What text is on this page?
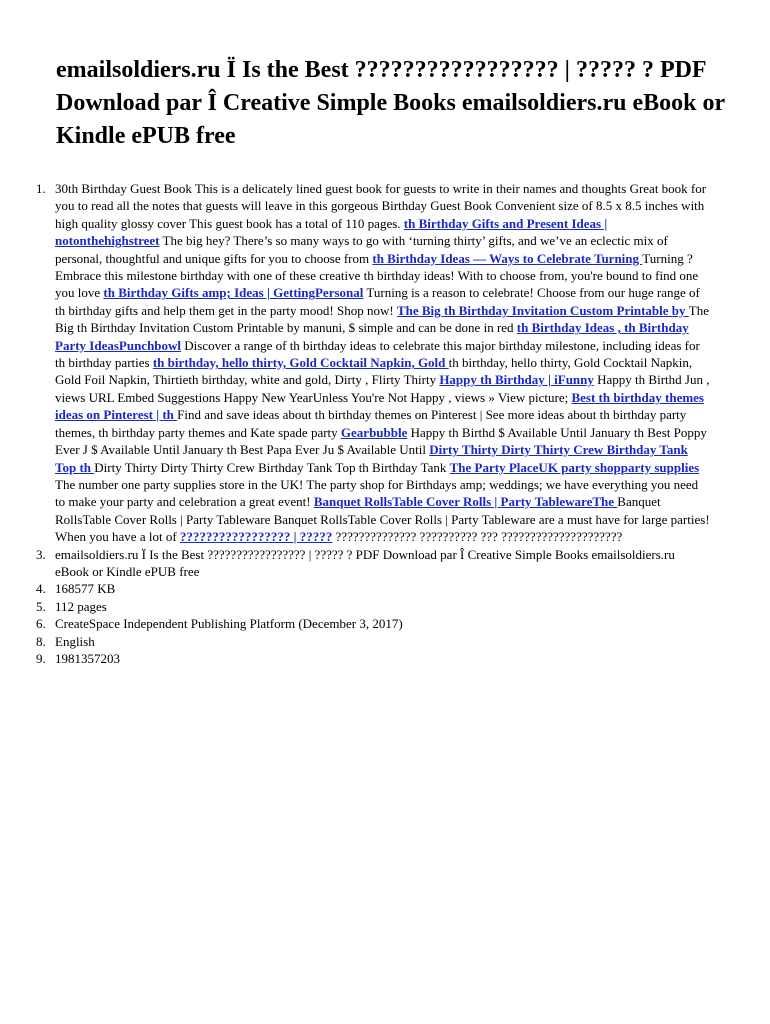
emailsoldiers.ru Ï Is the Best ????????????????? | ????? ? PDF Download par Î Creative Simple Books emailsoldiers.ru eBook or Kindle ePUB free
1. 30th Birthday Guest Book This is a delicately lined guest book for guests to write in their names and thoughts Great book for you to read all the notes that guests will leave in this gorgeous Birthday Guest Book Convenient size of 8.5 x 8.5 inches with high quality glossy cover This guest book has a total of 110 pages. th Birthday Gifts and Present Ideas | notonthehighstreet The big hey? There’s so many ways to go with ‘turning thirty’ gifts, and we’ve an eclectic mix of personal, thoughtful and unique gifts for you to choose from th Birthday Ideas — Ways to Celebrate Turning Turning ? Embrace this milestone birthday with one of these creative th birthday ideas! With to choose from, you're bound to find one you love th Birthday Gifts amp; Ideas | GettingPersonal Turning is a reason to celebrate! Choose from our huge range of th birthday gifts and help them get in the party mood! Shop now! The Big th Birthday Invitation Custom Printable by The Big th Birthday Invitation Custom Printable by manuni, $ simple and can be done in red th Birthday Ideas , th Birthday Party IdeasPunchbowl Discover a range of th birthday ideas to celebrate this major birthday milestone, including ideas for th birthday parties th birthday, hello thirty, Gold Cocktail Napkin, Gold th birthday, hello thirty, Gold Cocktail Napkin, Gold Foil Napkin, Thirtieth birthday, white and gold, Dirty , Flirty Thirty Happy th Birthday | iFunny Happy th Birthd Jun , views URL Embed Suggestions Happy New YearUnless You're Not Happy , views » View picture; Best th birthday themes ideas on Pinterest | th Find and save ideas about th birthday themes on Pinterest | See more ideas about th birthday party themes, th birthday party themes and Kate spade party Gearbubble Happy th Birthd $ Available Until January th Best Poppy Ever J $ Available Until January th Best Papa Ever Ju $ Available Until Dirty Thirty Dirty Thirty Crew Birthday Tank Top th Dirty Thirty Dirty Thirty Crew Birthday Tank Top th Birthday Tank The Party PlaceUK party shopparty supplies The number one party supplies store in the UK! The party shop for Birthdays amp; weddings; we have everything you need to make your party and celebration a great event! Banquet RollsTable Cover Rolls | Party TablewareThe Banquet RollsTable Cover Rolls | Party Tableware Banquet RollsTable Cover Rolls | Party Tableware are a must have for large parties! When you have a lot of ????????????????? | ????? ?????????????? ?????????? ??? ?????????????????????
3. emailsoldiers.ru Ï Is the Best ????????????????? | ????? ? PDF Download par Î Creative Simple Books emailsoldiers.ru eBook or Kindle ePUB free
4. 168577 KB
5. 112 pages
6. CreateSpace Independent Publishing Platform (December 3, 2017)
8. English
9. 1981357203
